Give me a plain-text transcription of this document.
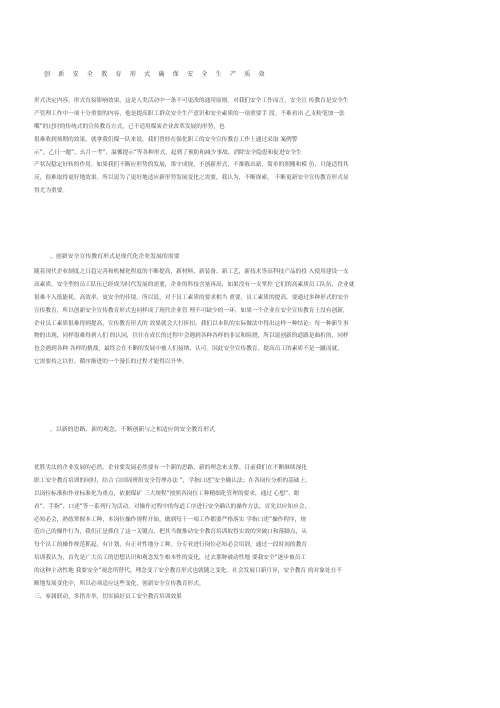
创 新 安 全 教 育 形 式 确 保 安 全 生 产 质 效
形式决定内容，形式直接影响效果，这是人类活动中一条不可更改的通用原则。对我们安全工作而言，安全宣 传教育是安全生
产管理工作中一项十分重要的内容，他是提高职工群众安全生产意识和安全素质的一项重要手 段。不难看出 乙支粉笔加一张
嘴”的过时的传统式的宣传教育方式，已不适用煤炭企业改革发展的形势，也
很难收到预期的效果。就拿我们煤一队来说，我们曾经在强化职工的安全宣传教育工作上通过采取 案例警
示”、乙日一题”、幺月一考”、温馨提示”等各种形式，起到了预防和减少事故、消除安全隐患和促进安全生
产状况稳定好转的作用。如果我们不断应形势的发展，墨守成规，不创新形式，不推陈出新，简单的照搬和模 仿，只能适得其
反，很难取得更好地效果。所以说为了更好地适应新形势发展变化之需要，我认为，不断探索， 不断更新安全宣传教育形式显
得尤为重要。
、创新安全宣传教育形式是现代化企业发展的需要
随着现代企业制度之日趋完善和机械化程度的不断提高，新材料、新装备、新工艺，新技术等高科技产品的投 入使用建设一支
高素质、安全型的员工队伍已经成为时代发展的需要，企业的科技含量再高，如果没有一支掌控 它们的高素质员工队伍，企业就
很难不入低能耗、高效率、更安全的佳境。所以说，对于员工素质的要求相当 重要，员工素质的提高，要通过多种形式的安全
宣传教育，所以创新安全宣传教育形式也同样成了现代企业管 理不可缺少的一环。如果一个企业在安全宣传教育上没有创新，
企业员工素质很难得到提高，宣传教育形式的 效果就会大打折扣。我们以本队的实际做法中得出这样一种结论：每一种新生事
物的出现，同样很难得到人们 的认同，往往在成长的过程中会遇到各种各样的非议和阻挠，所以说创新的道路是曲折的，同样
也会遇到各种 各样的挑战，最终会在不断的发展中被人们接纳、认可。因此安全宣传教育、提高员工的素质不是一蹴而就，
它需要持之以恒、循序渐进的一个漫长的过程才能得以升华。
、以新的思路、新的观念，不断创新与之相适应的安全教育形式
优胜劣汰的企业发展的必然，企业要发展必然要有一个新的思路、新的理念来支撑。目前我们在不断继续深化
职工安全教育培训的同时，结合 白国周班组安全管理办法 ”，学指口述”安全确认法；在各岗位分析的基础上，
以岗位标准和作业标准化为重点，依据煤矿 三大规程”按照各岗位工种精细化管理的要求，通过 心想”、眼
看”、手指”、口述”等一系列行为活动，对操作过程中的每道工序进行安全确认的操作方法，首先以应知应会、
必知必会，熟练掌握本工种、本岗位操作规程开始，做到每干一项工作都要严格落实 学指口述”操作程序，规
范自己的操作行为，我们正是抓住了这一关键点，把其当做推动安全教育培训取得实效的突破口和落脚点，从
每个员工的操作规范抓起，有计划、有正对性地分工种、分专业进行岗位必知必会培训，通过一段时间的教育
培训我认为，首先是广大员工的思想认识和观念发生根本性的变化，过去那种被动性地 要我安全”逐步被员工
的这种主动性地 我要安全”观念所替代，理念变了安全教育形式也就随之变化。社会发展日新月异，安全教育 的对象处在不
断地发展变化中，所以必须适应这些变化，创新安全宣传教育形式。
三、家属联动，多措并举，切实搞好员工安全教育培训效果
